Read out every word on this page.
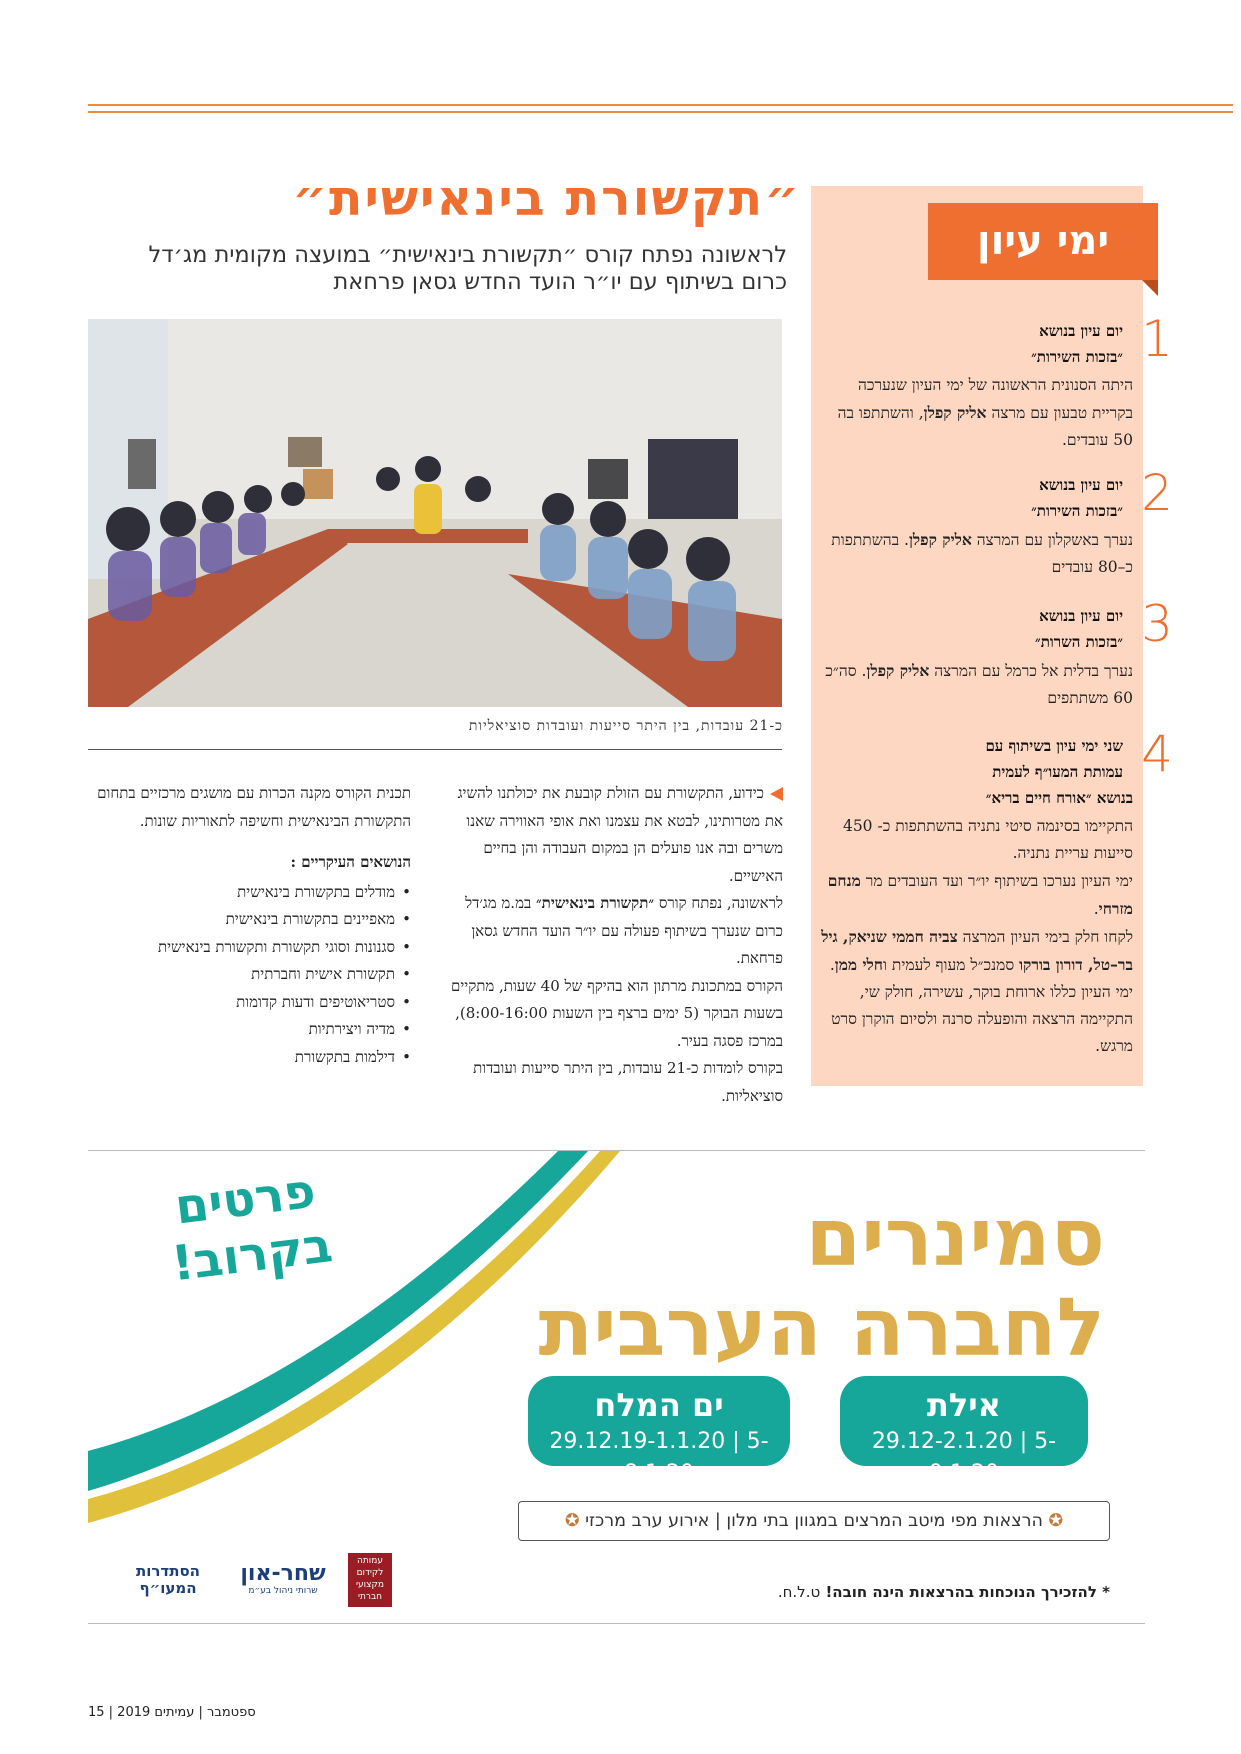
ימי עיון
1
יום עיון בנושא
״בזכות השירות״
היתה הסנונית הראשונה של ימי העיון שנערכה בקריית טבעון עם מרצה אליק קפלן, והשתתפו בה 50 עובדים.
2
יום עיון בנושא
״בזכות השירות״
נערך באשקלון עם המרצה אליק קפלן. בהשתתפות כ–80 עובדים
3
יום עיון בנושא
״בזכות השרות״
נערך בדלית אל כרמל עם המרצה אליק קפלן. סה״כ 60 משתתפים
4
שני ימי עיון בשיתוף עם
עמותת המעו״ף לעמית
בנושא ״אורח חיים בריא״
התקיימו בסינמה סיטי נתניה בהשתתפות כ- 450 סייעות עריית נתניה.
ימי העיון נערכו בשיתוף יו״ר ועד העובדים מר מנחם מזרחי.
לקחו חלק בימי העיון המרצה צביה חממי שניאק, גיל בר–טל, דורון בורקו סמנכ״ל מעוף לעמית וחלי ממן.
ימי העיון כללו ארוחת בוקר, עשירה, חולק שי, התקיימה הרצאה והופעלה סרנה ולסיום הוקרן סרט מרגש.
״תקשורת בינאישית״
לראשונה נפתח קורס ״תקשורת בינאישית״ במועצה מקומית מג׳דל כרום בשיתוף עם יו״ר הועד החדש גסאן פרחאת
כ-21 עובדות, בין היתר סייעות ועובדות סוציאליות
כידוע, התקשורת עם הזולת קובעת את יכולתנו להשיג את מטרותינו, לבטא את עצמנו ואת אופי האווירה שאנו משרים ובה אנו פועלים הן במקום העבודה והן בחיים האישיים.
לראשונה, נפתח קורס ״תקשורת בינאישית״ במ.מ מג׳דל כרום שנערך בשיתוף פעולה עם יו״ר הועד החדש גסאן פרחאת.
הקורס במתכונת מרתון הוא בהיקף של 40 שעות, מתקיים בשעות הבוקר (5 ימים ברצף בין השעות 8:00-16:00), במרכז פסגה בעיר.
בקורס לומדות כ-21 עובדות, בין היתר סייעות ועובדות סוציאליות.
תכנית הקורס מקנה הכרות עם מושגים מרכזיים בתחום התקשורת הבינאישית וחשיפה לתאוריות שונות.
הנושאים העיקריים :
• מודלים בתקשורת בינאישית
• מאפיינים בתקשורת בינאישית
• סגנונות וסוגי תקשורת ותקשורת בינאישית
• תקשורת אישית וחברתית
• סטריאוטיפים ודעות קדומות
• מדיה ויצירתיות
• דילמות בתקשורת
פרטים
בקרוב!	סמינרים
לחברה הערבית
אילת
29.12-2.1.20 | 5-9.1.20
ים המלח
29.12.19-1.1.20 | 5-8.1.20
✪ הרצאות מפי מיטב המרצים במגוון בתי מלון | אירוע ערב מרכזי ✪
* להזכירך הנוכחות בהרצאות הינה חובה! ט.ל.ח.
עמותה לקידום מקצועי חברתי
שחר-און
שרותי ניהול בע״מ
הסתדרות המעו״ף
15 | 2019 ספטמבר | עמיתים
